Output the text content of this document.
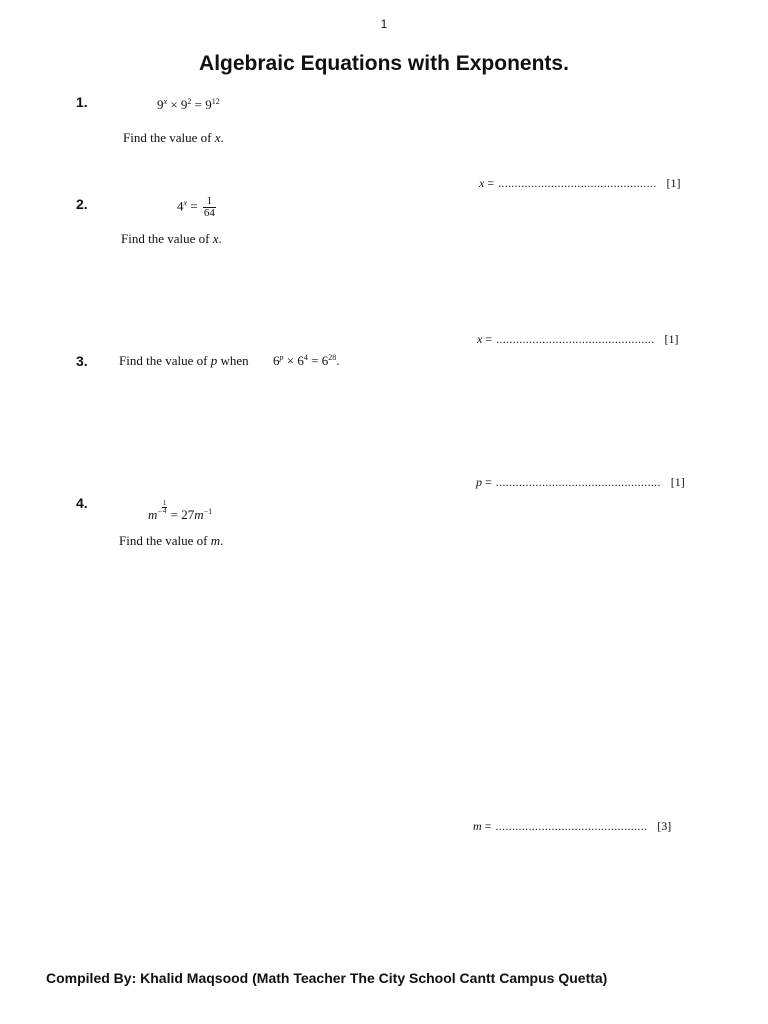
1
Algebraic Equations with Exponents.
1.	$9^x \times 9^2 = 9^{12}$
Find the value of x.
x = ................................................ [1]
2.	$4^x = \frac{1}{64}$
Find the value of x.
x = ................................................ [1]
3. Find the value of p when $6^p \times 6^4 = 6^{28}$.
p = .................................................. [1]
4.
$m^- \frac{1}{4} = 27m^{-1}$
Find the value of m.
m = .............................................. [3]
Compiled By: Khalid Maqsood (Math Teacher The City School Cantt Campus Quetta)
